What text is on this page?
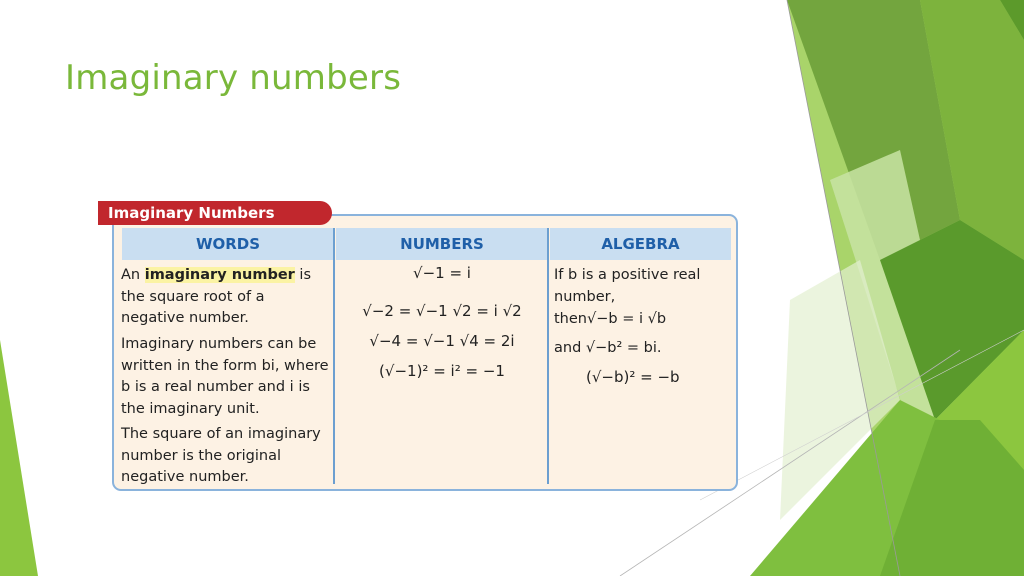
Imaginary numbers
Imaginary Numbers
WORDS	NUMBERS	ALGEBRA
An imaginary number is the square root of a negative number.
Imaginary numbers can be written in the form bi, where b is a real number and i is the imaginary unit.
The square of an imaginary number is the original negative number.
√−1 = i
√−2 = √−1 √2 = i √2
√−4 = √−1 √4 = 2i
(√−1)² = i² = −1
If b is a positive real number,
then√−b = i √b
and √−b² = bi.
(√−b)² = −b
